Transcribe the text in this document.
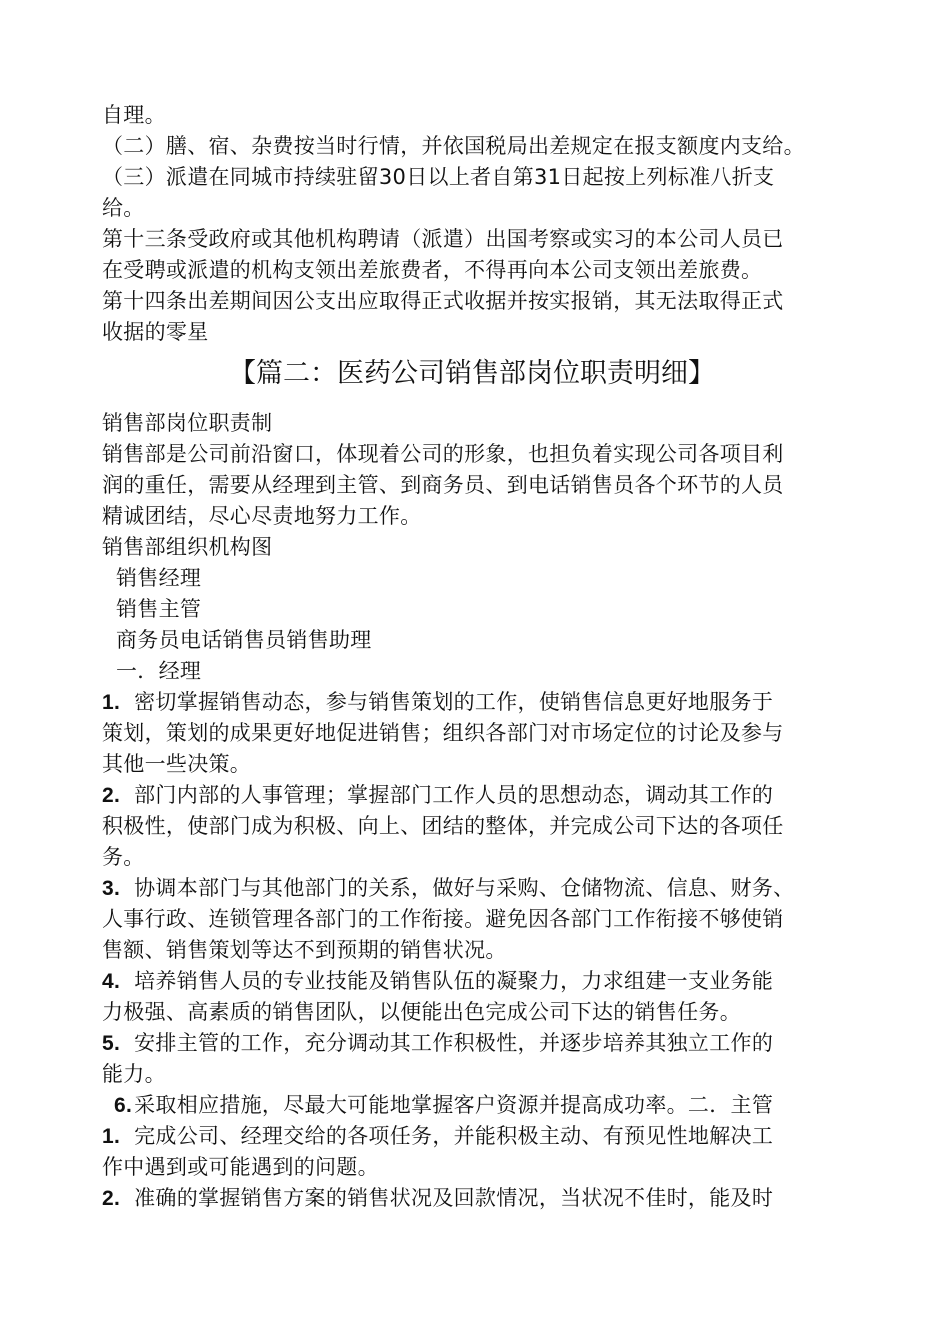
自理。
（二）膳、宿、杂费按当时行情，并依国税局出差规定在报支额度内支给。
（三）派遣在同城市持续驻留30日以上者自第31日起按上列标准八折支
给。
第十三条受政府或其他机构聘请（派遣）出国考察或实习的本公司人员已
在受聘或派遣的机构支领出差旅费者，不得再向本公司支领出差旅费。
第十四条出差期间因公支出应取得正式收据并按实报销，其无法取得正式
收据的零星
【篇二：医药公司销售部岗位职责明细】
销售部岗位职责制
销售部是公司前沿窗口，体现着公司的形象，也担负着实现公司各项目利
润的重任，需要从经理到主管、到商务员、到电话销售员各个环节的人员
精诚团结，尽心尽责地努力工作。
销售部组织机构图
销售经理
销售主管
商务员电话销售员销售助理
一．经理
1. 密切掌握销售动态，参与销售策划的工作，使销售信息更好地服务于
策划，策划的成果更好地促进销售；组织各部门对市场定位的讨论及参与
其他一些决策。
2. 部门内部的人事管理；掌握部门工作人员的思想动态，调动其工作的
积极性，使部门成为积极、向上、团结的整体，并完成公司下达的各项任
务。
3. 协调本部门与其他部门的关系，做好与采购、仓储物流、信息、财务、
人事行政、连锁管理各部门的工作衔接。避免因各部门工作衔接不够使销
售额、销售策划等达不到预期的销售状况。
4. 培养销售人员的专业技能及销售队伍的凝聚力，力求组建一支业务能
力极强、高素质的销售团队，以便能出色完成公司下达的销售任务。
5. 安排主管的工作，充分调动其工作积极性，并逐步培养其独立工作的
能力。
6.采取相应措施，尽最大可能地掌握客户资源并提高成功率。二．主管
1. 完成公司、经理交给的各项任务，并能积极主动、有预见性地解决工
作中遇到或可能遇到的问题。
2. 准确的掌握销售方案的销售状况及回款情况，当状况不佳时，能及时
